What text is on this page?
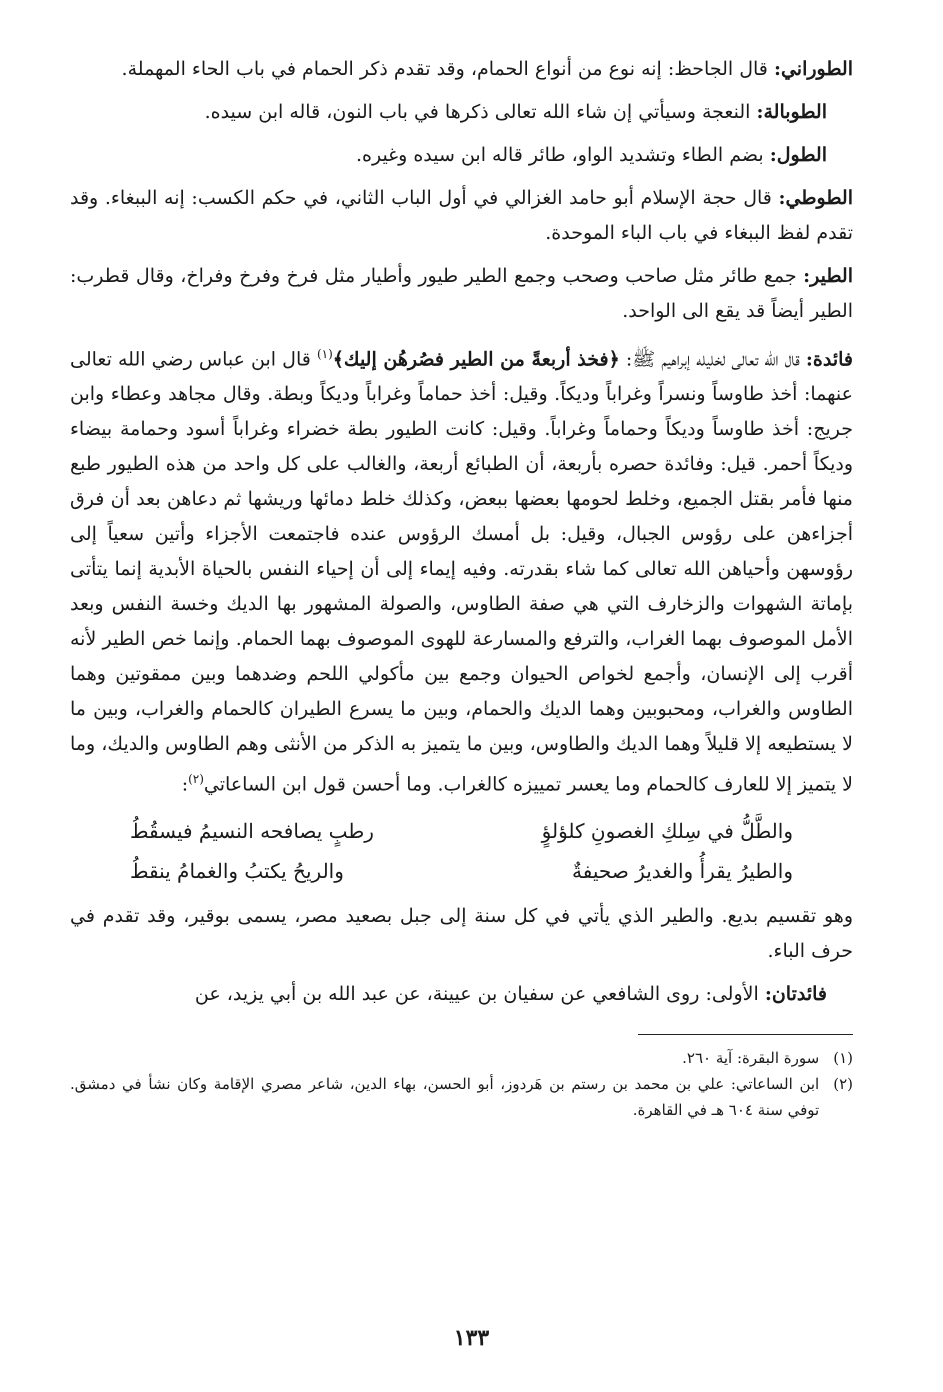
الطوراني: قال الجاحظ: إنه نوع من أنواع الحمام، وقد تقدم ذكر الحمام في باب الحاء المهملة.

الطوبالة: النعجة وسيأتي إن شاء الله تعالى ذكرها في باب النون، قاله ابن سيده.

الطول: بضم الطاء وتشديد الواو، طائر قاله ابن سيده وغيره.

الطوطي: قال حجة الإسلام أبو حامد الغزالي في أول الباب الثاني، في حكم الكسب: إنه الببغاء. وقد تقدم لفظ الببغاء في باب الباء الموحدة.

الطير: جمع طائر مثل صاحب وصحب وجمع الطير طيور وأطيار مثل فرخ وفرخ وفراخ، وقال قطرب: الطير أيضاً قد يقع الى الواحد.

فائدة: قال الله تعالى لخليله إبراهيم ﷺ: ﴿فخذ أربعةً من الطير فصُرهُن إليك﴾$^{(١)}$ قال ابن عباس رضي الله تعالى عنهما: أخذ طاوساً ونسراً وغراباً وديكاً. وقيل: أخذ حماماً وغراباً وديكاً وبطة. وقال مجاهد وعطاء وابن جريج: أخذ طاوساً وديكاً وحماماً وغراباً. وقيل: كانت الطيور بطة خضراء وغراباً أسود وحمامة بيضاء وديكاً أحمر. قيل: وفائدة حصره بأربعة، أن الطبائع أربعة، والغالب على كل واحد من هذه الطيور طبع منها فأمر بقتل الجميع، وخلط لحومها بعضها ببعض، وكذلك خلط دمائها وريشها ثم دعاهن بعد أن فرق أجزاءهن على رؤوس الجبال، وقيل: بل أمسك الرؤوس عنده فاجتمعت الأجزاء وأتين سعياً إلى رؤوسهن وأحياهن الله تعالى كما شاء بقدرته. وفيه إيماء إلى أن إحياء النفس بالحياة الأبدية إنما يتأتى بإماتة الشهوات والزخارف التي هي صفة الطاوس، والصولة المشهور بها الديك وخسة النفس وبعد الأمل الموصوف بهما الغراب، والترفع والمسارعة للهوى الموصوف بهما الحمام. وإنما خص الطير لأنه أقرب إلى الإنسان، وأجمع لخواص الحيوان وجمع بين مأكولي اللحم وضدهما وبين ممقوتين وهما الطاوس والغراب، ومحبوبين وهما الديك والحمام، وبين ما يسرع الطيران كالحمام والغراب، وبين ما لا يستطيعه إلا قليلاً وهما الديك والطاوس، وبين ما يتميز به الذكر من الأنثى وهم الطاوس والديك، وما لا يتميز إلا للعارف كالحمام وما يعسر تمييزه كالغراب. وما أحسن قول ابن الساعاتي$^{(٢)}$:

والطَّلُّ في سِلكِ الغصونِ كلؤلؤٍ
رطبٍ يصافحه النسيمُ فيسقُطُ
والطيرُ يقرأُ والغديرُ صحيفةٌ
والريحُ يكتبُ والغمامُ ينقطُ

وهو تقسيم بديع. والطير الذي يأتي في كل سنة إلى جبل بصعيد مصر، يسمى بوقير، وقد تقدم في حرف الباء.

فائدتان: الأولى: روى الشافعي عن سفيان بن عيينة، عن عبد الله بن أبي يزيد، عن

(١)
سورة البقرة: آية ٢٦٠.

(٢)
ابن الساعاتي: علي بن محمد بن رستم بن هَردوز، أبو الحسن، بهاء الدين، شاعر مصري الإقامة وكان نشأ في دمشق. توفي سنة ٦٠٤ هـ في القاهرة.

١٣٣
